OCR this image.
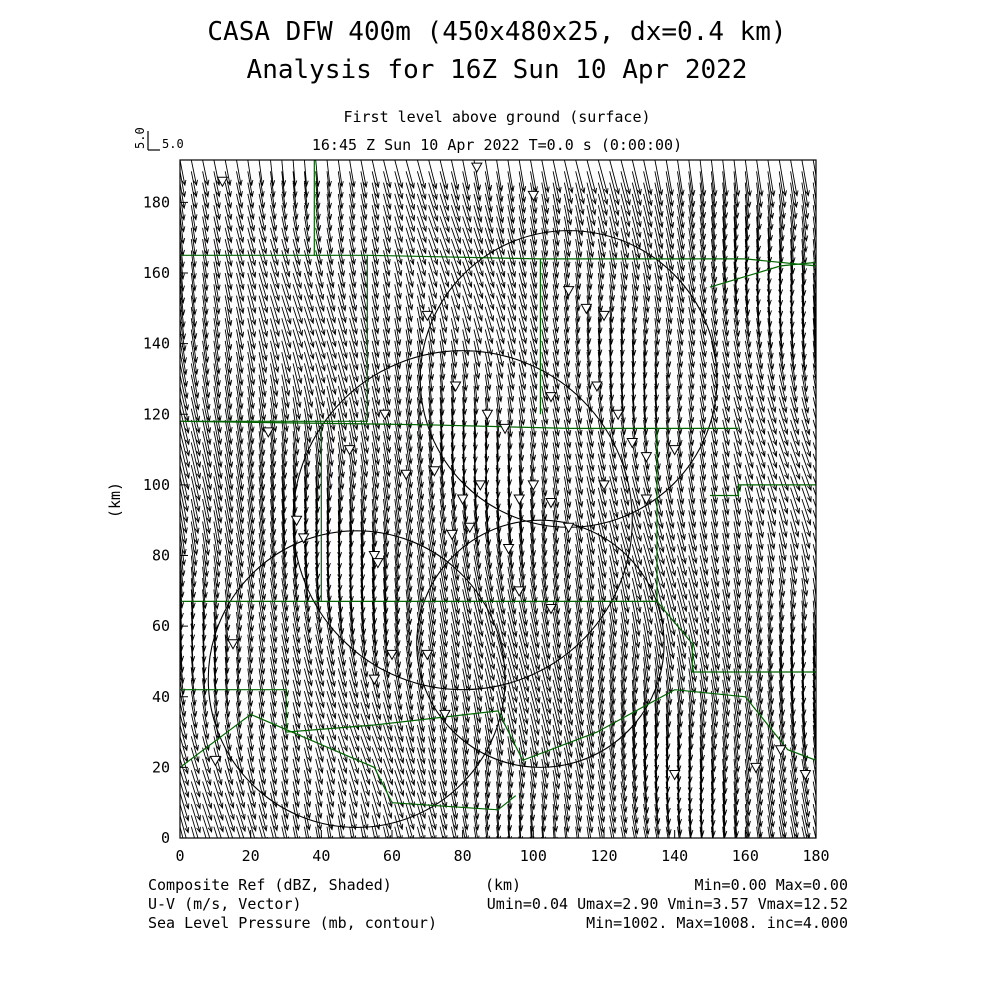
CASA DFW 400m (450x480x25, dx=0.4 km)
Analysis for 16Z Sun 10 Apr 2022
First level above ground (surface)
16:45 Z Sun 10 Apr 2022 T=0.0 s (0:00:00)
5.0 5.0
0	20	40	60	80	100	120	140	160	180
0
20
40
60
80
100
120
140
160
180
(km)
Composite Ref (dBZ, Shaded)
U-V (m/s, Vector)
Sea Level Pressure (mb, contour)
(km)	Min=0.00 Max=0.00
Umin=0.04 Umax=2.90 Vmin=3.57 Vmax=12.52
Min=1002. Max=1008. inc=4.000
